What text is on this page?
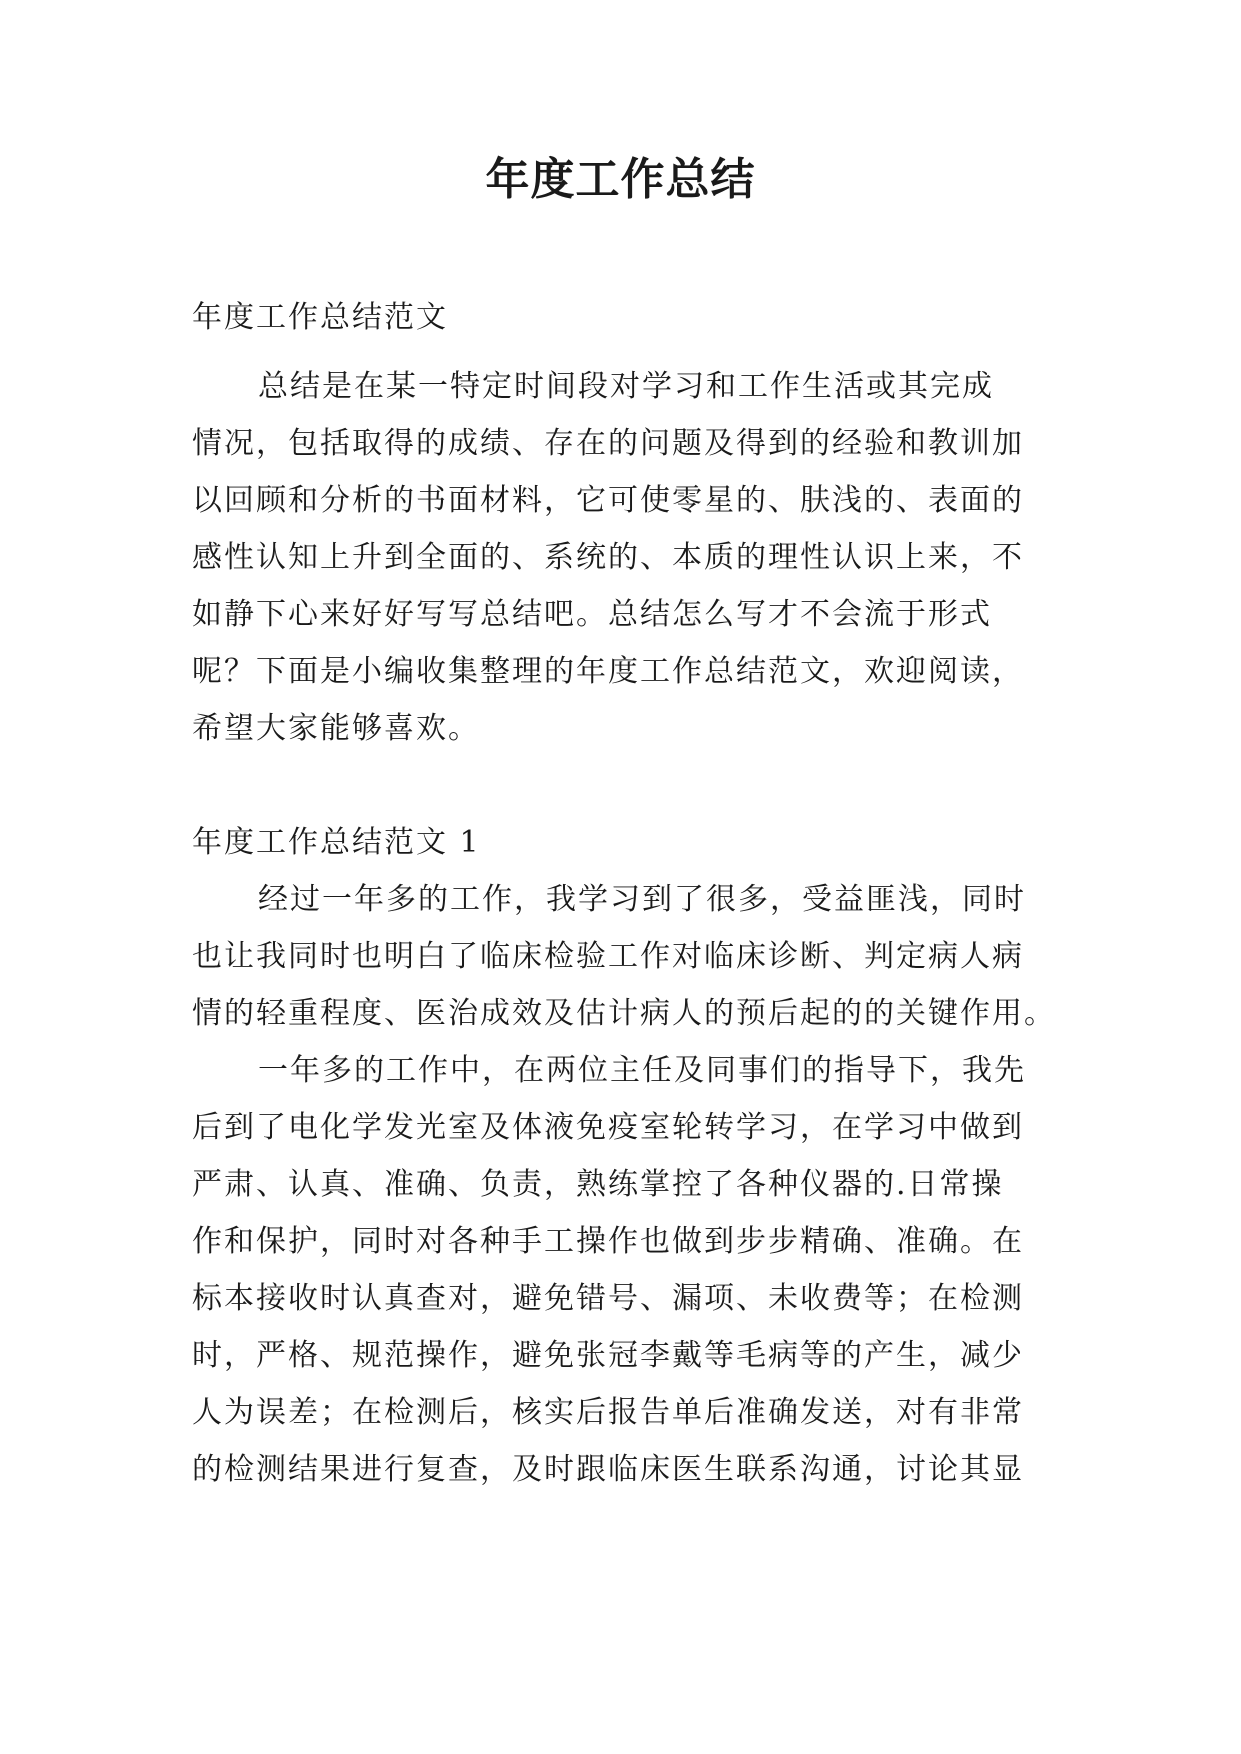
年度工作总结
年度工作总结范文
总结是在某一特定时间段对学习和工作生活或其完成
情况，包括取得的成绩、存在的问题及得到的经验和教训加
以回顾和分析的书面材料，它可使零星的、肤浅的、表面的
感性认知上升到全面的、系统的、本质的理性认识上来，不
如静下心来好好写写总结吧。总结怎么写才不会流于形式
呢？下面是小编收集整理的年度工作总结范文，欢迎阅读，
希望大家能够喜欢。
年度工作总结范文 1
经过一年多的工作，我学习到了很多，受益匪浅，同时
也让我同时也明白了临床检验工作对临床诊断、判定病人病
情的轻重程度、医治成效及估计病人的预后起的的关键作用。
一年多的工作中，在两位主任及同事们的指导下，我先
后到了电化学发光室及体液免疫室轮转学习，在学习中做到
严肃、认真、准确、负责，熟练掌控了各种仪器的.日常操
作和保护，同时对各种手工操作也做到步步精确、准确。在
标本接收时认真查对，避免错号、漏项、未收费等；在检测
时，严格、规范操作，避免张冠李戴等毛病等的产生，减少
人为误差；在检测后，核实后报告单后准确发送，对有非常
的检测结果进行复查，及时跟临床医生联系沟通，讨论其显
